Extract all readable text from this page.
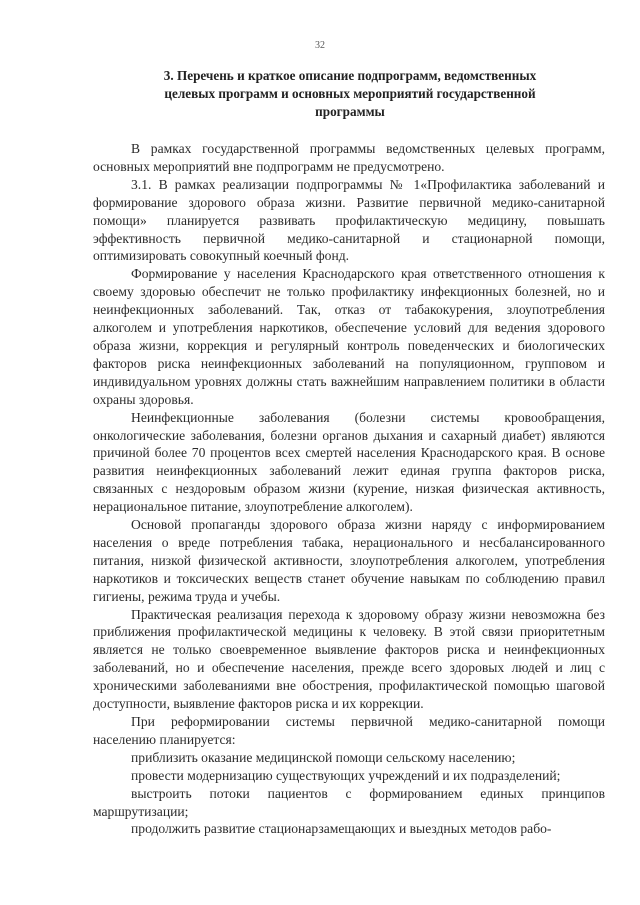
32
3. Перечень и краткое описание подпрограмм, ведомственных целевых программ и основных мероприятий государственной программы

В рамках государственной программы ведомственных целевых программ, основных мероприятий вне подпрограмм не предусмотрено.

3.1. В рамках реализации подпрограммы № 1«Профилактика заболеваний и формирование здорового образа жизни. Развитие первичной медико-санитарной помощи» планируется развивать профилактическую медицину, повышать эффективность первичной медико-санитарной и стационарной помощи, оптимизировать совокупный коечный фонд.

Формирование у населения Краснодарского края ответственного отношения к своему здоровью обеспечит не только профилактику инфекционных болезней, но и неинфекционных заболеваний. Так, отказ от табакокурения, злоупотребления алкоголем и употребления наркотиков, обеспечение условий для ведения здорового образа жизни, коррекция и регулярный контроль поведенческих и биологических факторов риска неинфекционных заболеваний на популяционном, групповом и индивидуальном уровнях должны стать важнейшим направлением политики в области охраны здоровья.

Неинфекционные заболевания (болезни системы кровообращения, онкологические заболевания, болезни органов дыхания и сахарный диабет) являются причиной более 70 процентов всех смертей населения Краснодарского края. В основе развития неинфекционных заболеваний лежит единая группа факторов риска, связанных с нездоровым образом жизни (курение, низкая физическая активность, нерациональное питание, злоупотребление алкоголем).

Основой пропаганды здорового образа жизни наряду с информированием населения о вреде потребления табака, нерационального и несбалансированного питания, низкой физической активности, злоупотребления алкоголем, употребления наркотиков и токсических веществ станет обучение навыкам по соблюдению правил гигиены, режима труда и учебы.

Практическая реализация перехода к здоровому образу жизни невозможна без приближения профилактической медицины к человеку. В этой связи приоритетным является не только своевременное выявление факторов риска и неинфекционных заболеваний, но и обеспечение населения, прежде всего здоровых людей и лиц с хроническими заболеваниями вне обострения, профилактической помощью шаговой доступности, выявление факторов риска и их коррекции.

При реформировании системы первичной медико-санитарной помощи населению планируется:

приблизить оказание медицинской помощи сельскому населению;

провести модернизацию существующих учреждений и их подразделений;

выстроить потоки пациентов с формированием единых принципов маршрутизации;

продолжить развитие стационарзамещающих и выездных методов рабо-
